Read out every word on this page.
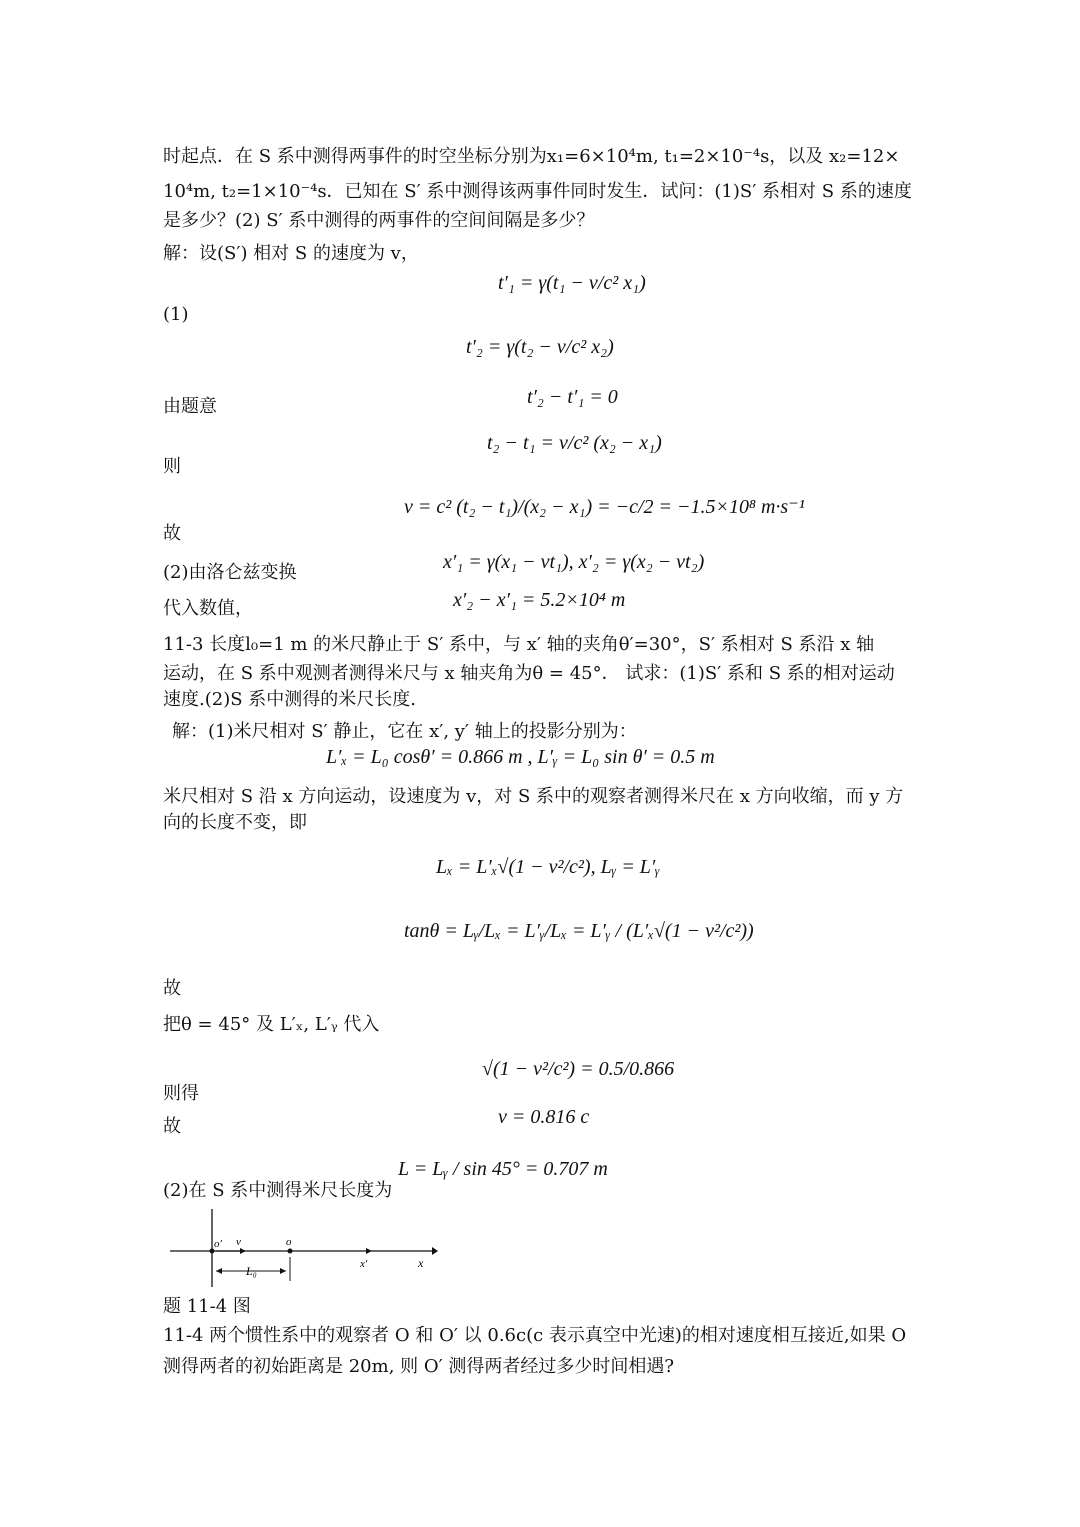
时起点．在 S 系中测得两事件的时空坐标分别为x₁=6×10⁴m, t₁=2×10⁻⁴s，以及 x₂=12×
10⁴m, t₂=1×10⁻⁴s．已知在 S′ 系中测得该两事件同时发生．试问：(1)S′ 系相对 S 系的速度
是多少？(2) S′ 系中测得的两事件的空间间隔是多少？
解：设(S′) 相对 S 的速度为 v，
(1)
由题意
则
故
(2)由洛仑兹变换
代入数值，
t′₁ = γ(t₁ − v/c² x₁)
t′₂ = γ(t₂ − v/c² x₂)
t′₂ − t′₁ = 0
t₂ − t₁ = v/c² (x₂ − x₁)
v = c² (t₂ − t₁)/(x₂ − x₁) = −c/2 = −1.5×10⁸ m·s⁻¹
x′₁ = γ(x₁ − vt₁), x′₂ = γ(x₂ − vt₂)
x′₂ − x′₁ = 5.2×10⁴ m
11-3 长度l₀=1 m 的米尺静止于 S′ 系中，与 x′ 轴的夹角θ′=30°，S′ 系相对 S 系沿 x 轴
运动，在 S 系中观测者测得米尺与 x 轴夹角为θ = 45°． 试求：(1)S′ 系和 S 系的相对运动
速度.(2)S 系中测得的米尺长度.
解：(1)米尺相对 S′ 静止，它在 x′, y′ 轴上的投影分别为：
L′ₓ = L₀ cosθ′ = 0.866 m , L′ᵧ = L₀ sin θ′ = 0.5 m
米尺相对 S 沿 x 方向运动，设速度为 v，对 S 系中的观察者测得米尺在 x 方向收缩，而 y 方
向的长度不变，即
Lₓ = L′ₓ√(1 − v²/c²), Lᵧ = L′ᵧ
tanθ = Lᵧ/Lₓ = L′ᵧ/Lₓ = L′ᵧ / (L′ₓ√(1 − v²/c²))
故
把θ = 45° 及 L′ₓ, L′ᵧ 代入
√(1 − v²/c²) = 0.5/0.866
则得
故	v = 0.816 c
L = Lᵧ / sin 45° = 0.707 m
(2)在 S 系中测得米尺长度为
o′ v	o
L₀	x′	x
题 11-4 图
11-4 两个惯性系中的观察者 O 和 O′ 以 0.6c(c 表示真空中光速)的相对速度相互接近,如果 O
测得两者的初始距离是 20m, 则 O′ 测得两者经过多少时间相遇?
